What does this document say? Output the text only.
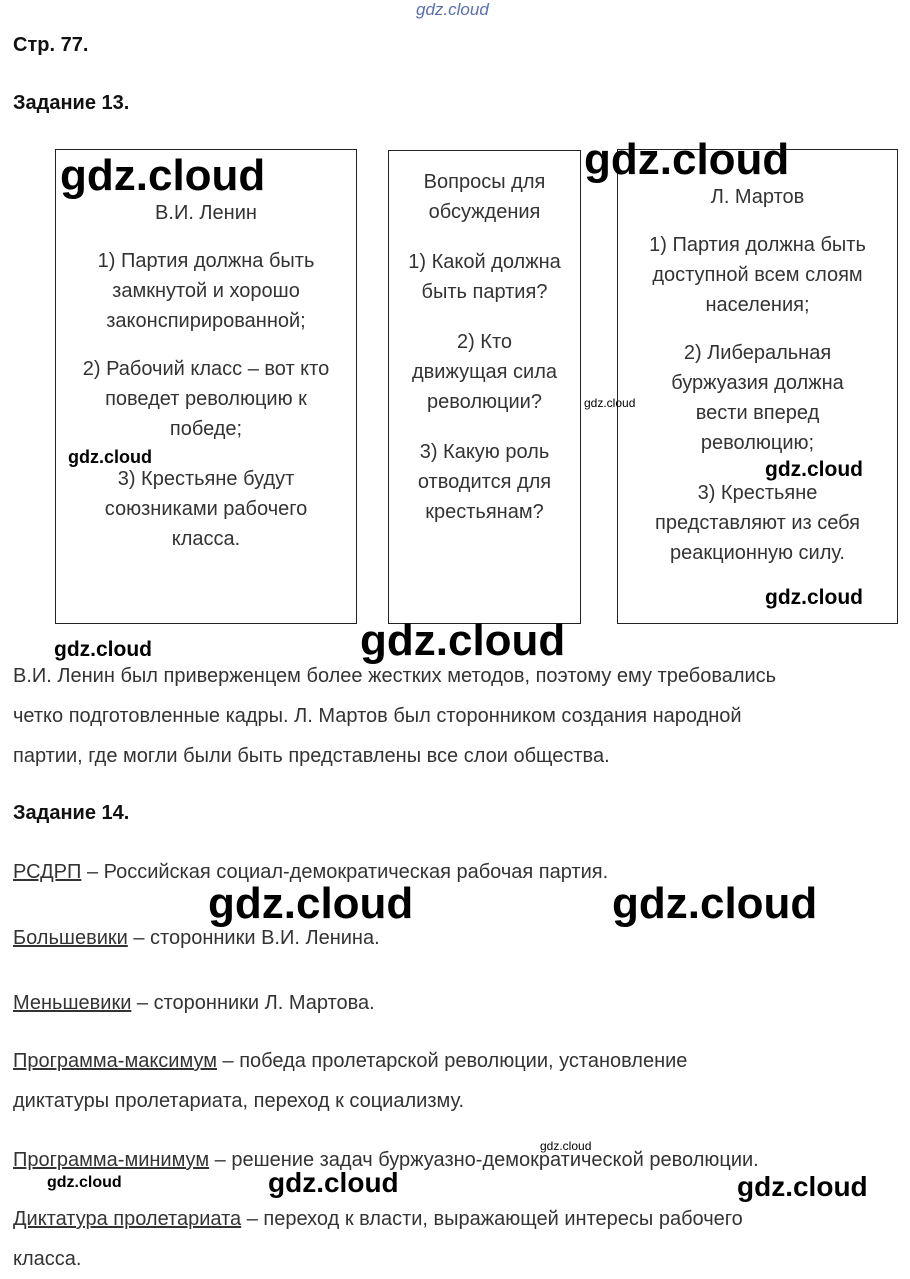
gdz.cloud
Стр. 77.
Задание 13.

В.И. Ленин

1) Партия должна быть замкнутой и хорошо законспирированной;

2) Рабочий класс – вот кто поведет революцию к победе;

3) Крестьяне будут союзниками рабочего класса.

Вопросы для обсуждения

1) Какой должна быть партия?

2) Кто движущая сила революции?

3) Какую роль отводится для крестьянам?

Л. Мартов

1) Партия должна быть доступной всем слоям населения;

2) Либеральная буржуазия должна вести вперед революцию;

3) Крестьяне представляют из себя реакционную силу.

gdz.cloud	gdz.cloud
gdz.cloud
gdz.cloud
gdz.cloud
gdz.cloud
gdz.cloud	gdz.cloud
В.И. Ленин был приверженцем более жестких методов, поэтому ему требовались
четко подготовленные кадры. Л. Мартов был сторонником создания народной
партии, где могли были быть представлены все слои общества.
Задание 14.
РСДРП – Российская социал-демократическая рабочая партия.
Большевики – сторонники В.И. Ленина.
Меньшевики – сторонники Л. Мартова.
Программа-максимум – победа пролетарской революции, установление
диктатуры пролетариата, переход к социализму.
Программа-минимум – решение задач буржуазно-демократической революции.
Диктатура пролетариата – переход к власти, выражающей интересы рабочего
класса.
gdz.cloud	gdz.cloud
gdz.cloud
gdz.cloud	gdz.cloud	gdz.cloud
